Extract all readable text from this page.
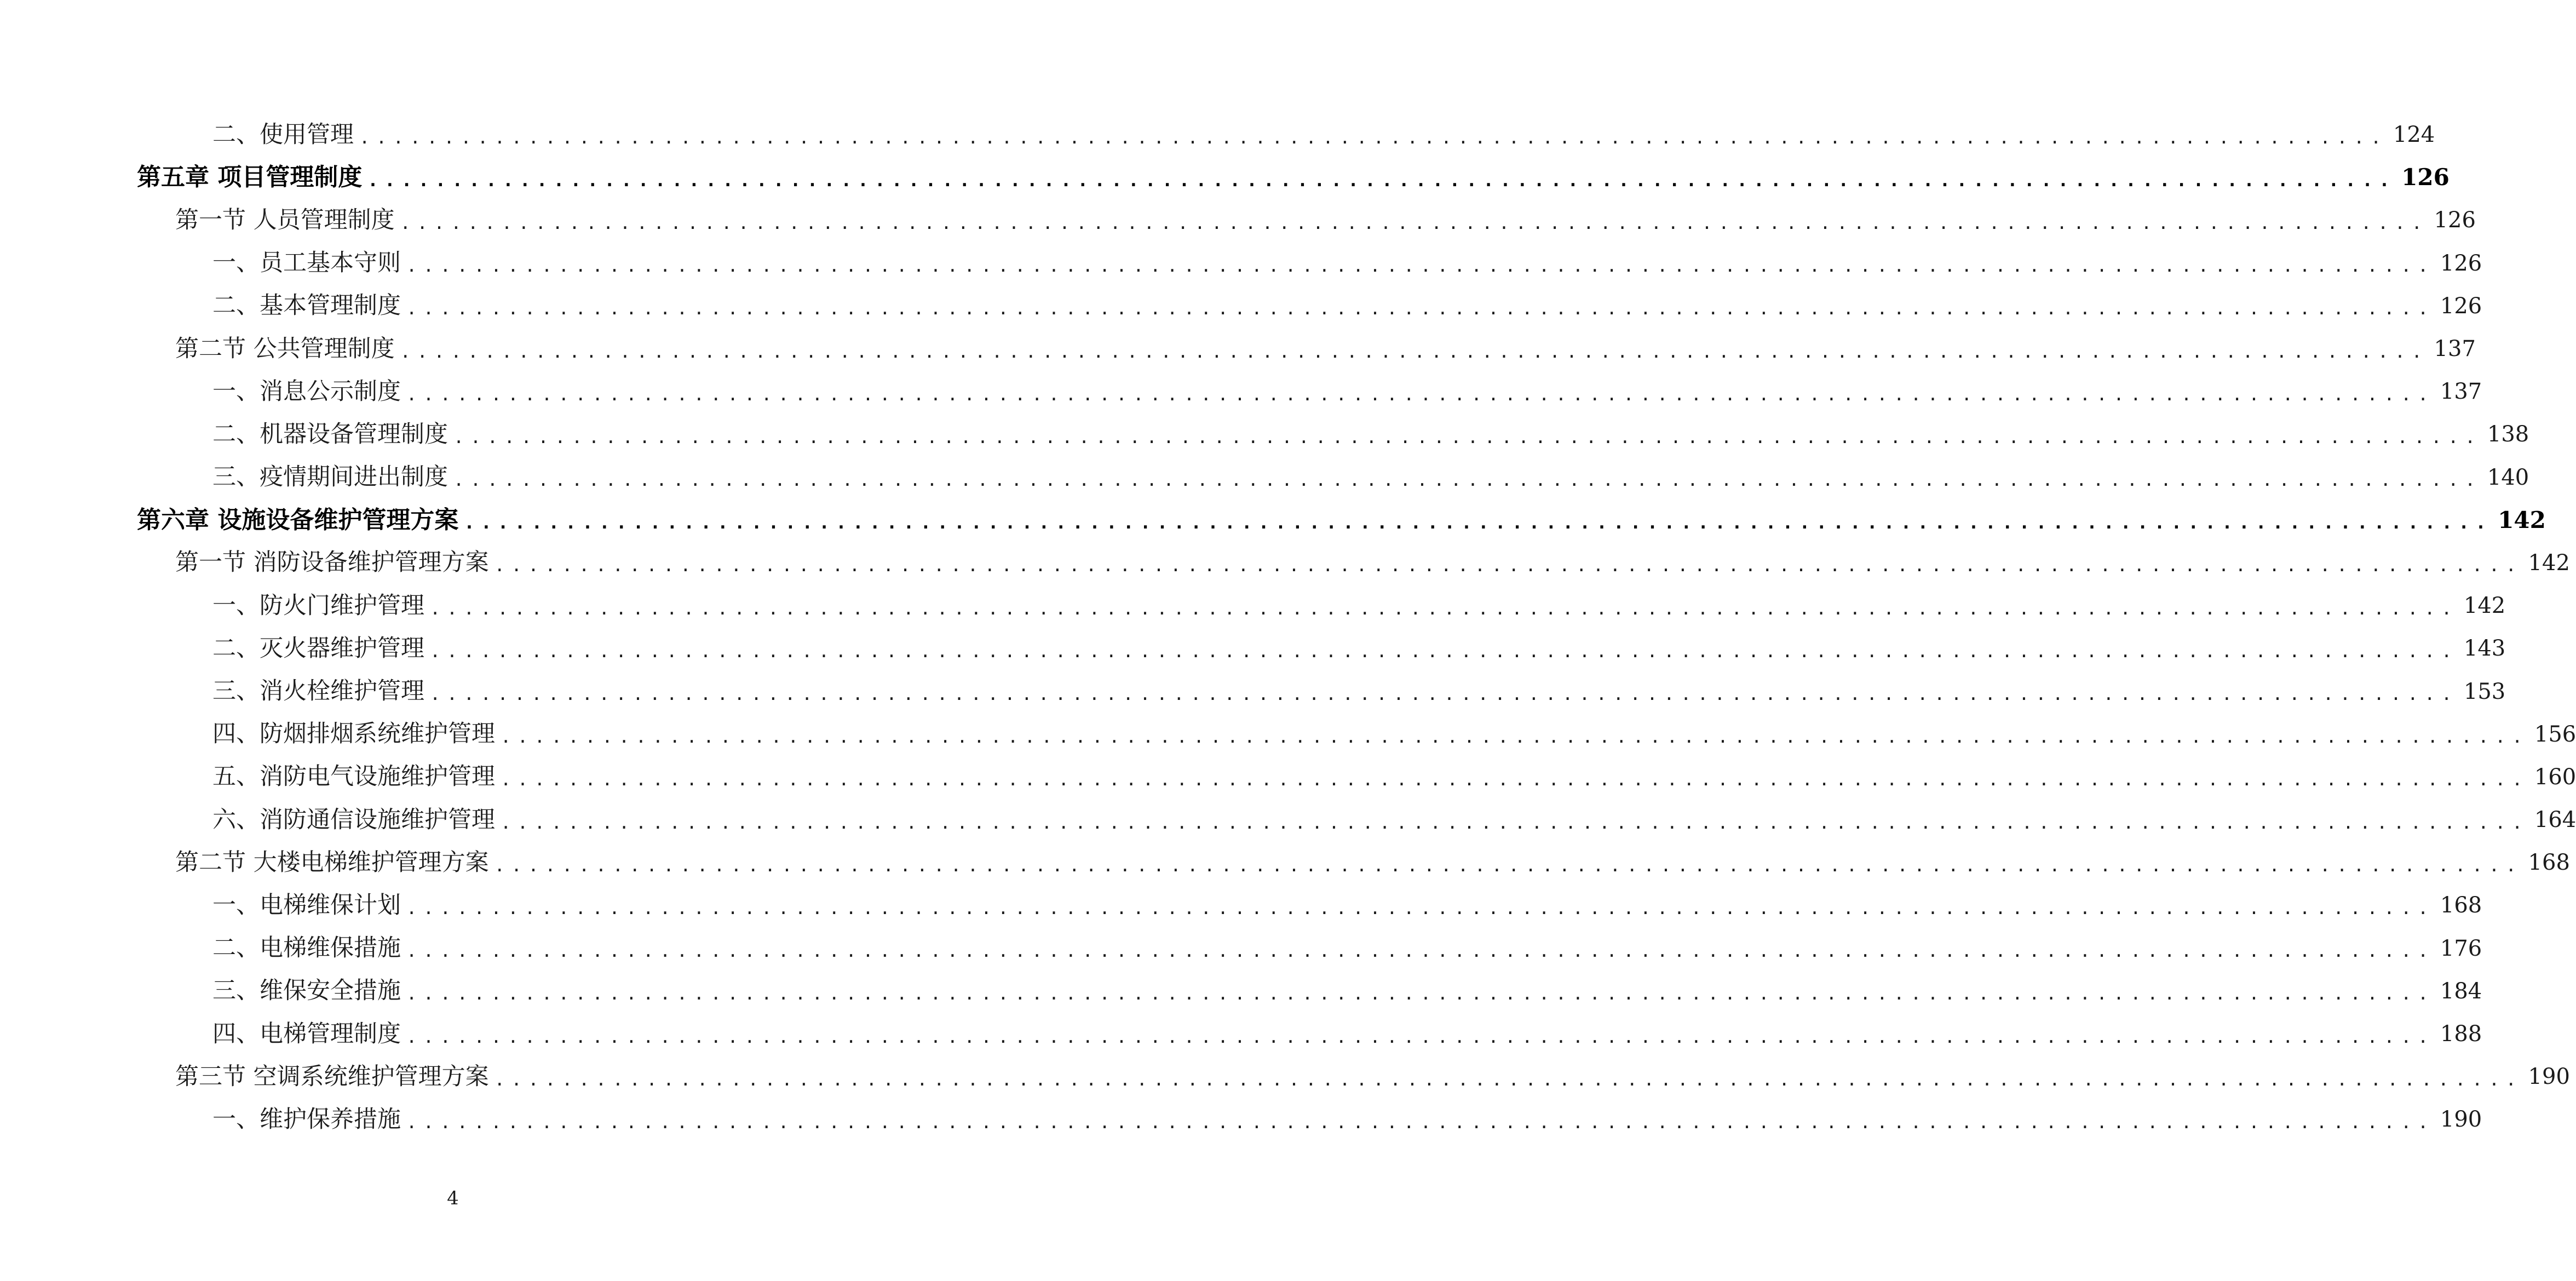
二、使用管理 ........................................................................................................................ 124
第五章 项目管理制度 ........................................................................................................................ 126
第一节 人员管理制度 ........................................................................................................................ 126
一、员工基本守则 ........................................................................................................................ 126
二、基本管理制度 ........................................................................................................................ 126
第二节 公共管理制度 ........................................................................................................................ 137
一、消息公示制度 ........................................................................................................................ 137
二、机器设备管理制度 ........................................................................................................................ 138
三、疫情期间进出制度 ........................................................................................................................ 140
第六章 设施设备维护管理方案 ........................................................................................................................ 142
第一节 消防设备维护管理方案 ........................................................................................................................ 142
一、防火门维护管理 ........................................................................................................................ 142
二、灭火器维护管理 ........................................................................................................................ 143
三、消火栓维护管理 ........................................................................................................................ 153
四、防烟排烟系统维护管理 ........................................................................................................................ 156
五、消防电气设施维护管理 ........................................................................................................................ 160
六、消防通信设施维护管理 ........................................................................................................................ 164
第二节 大楼电梯维护管理方案 ........................................................................................................................ 168
一、电梯维保计划 ........................................................................................................................ 168
二、电梯维保措施 ........................................................................................................................ 176
三、维保安全措施 ........................................................................................................................ 184
四、电梯管理制度 ........................................................................................................................ 188
第三节 空调系统维护管理方案 ........................................................................................................................ 190
一、维护保养措施 ........................................................................................................................ 190
4
